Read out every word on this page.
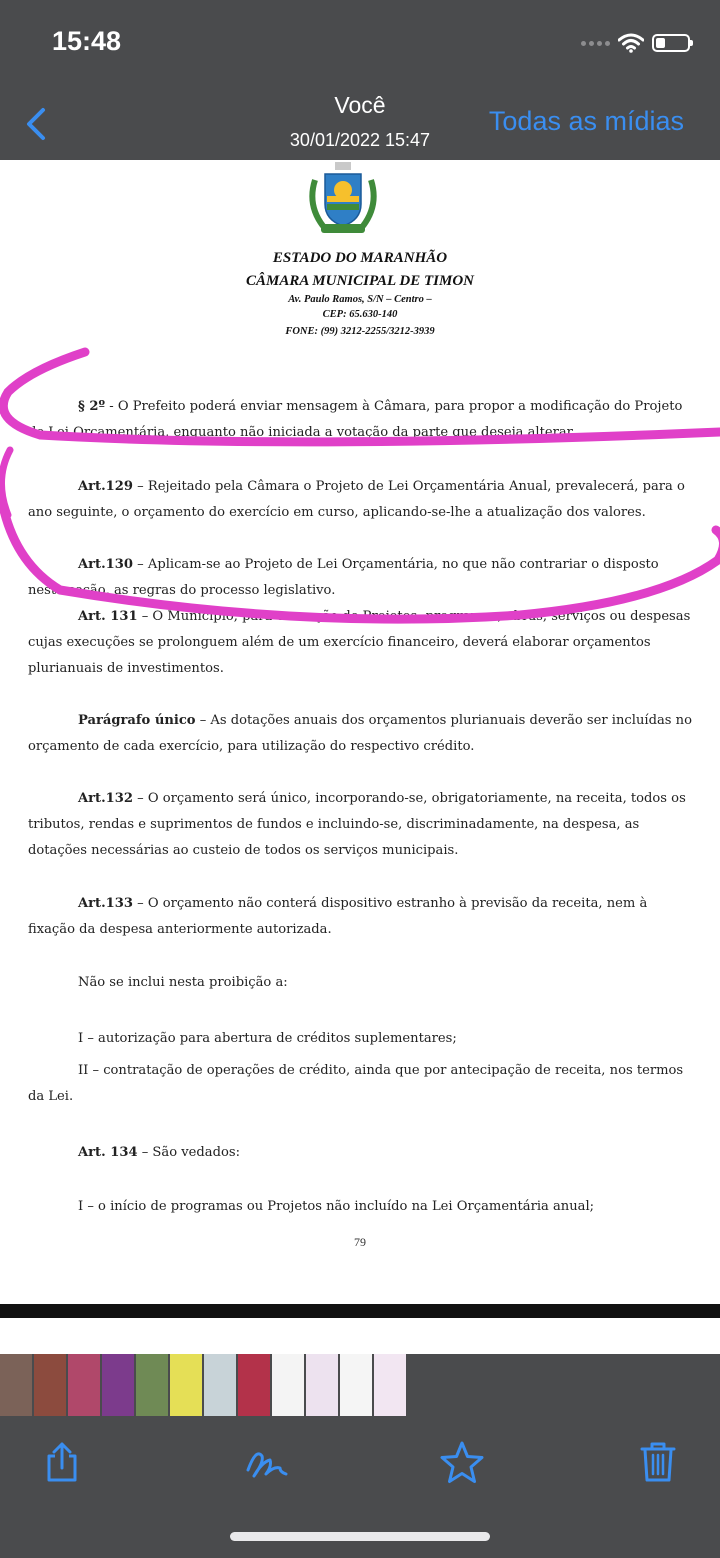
15:48
Você
30/01/2022 15:47
Todas as mídias
ESTADO DO MARANHÃO
CÂMARA MUNICIPAL DE TIMON
Av. Paulo Ramos, S/N – Centro –
CEP: 65.630-140
FONE: (99) 3212-2255/3212-3939
§ 2º - O Prefeito poderá enviar mensagem à Câmara, para propor a modificação do Projeto
de Lei Orçamentária, enquanto não iniciada a votação da parte que deseja alterar.
Art.129 – Rejeitado pela Câmara o Projeto de Lei Orçamentária Anual, prevalecerá, para o
ano seguinte, o orçamento do exercício em curso, aplicando-se-lhe a atualização dos valores.
Art.130 – Aplicam-se ao Projeto de Lei Orçamentária, no que não contrariar o disposto
nesta seção, as regras do processo legislativo.
Art. 131 – O Município, para execução de Projetos, programas, obras, serviços ou despesas
cujas execuções se prolonguem além de um exercício financeiro, deverá elaborar orçamentos
plurianuais de investimentos.
Parágrafo único – As dotações anuais dos orçamentos plurianuais deverão ser incluídas no
orçamento de cada exercício, para utilização do respectivo crédito.
Art.132 – O orçamento será único, incorporando-se, obrigatoriamente, na receita, todos os
tributos, rendas e suprimentos de fundos e incluindo-se, discriminadamente, na despesa, as
dotações necessárias ao custeio de todos os serviços municipais.
Art.133 – O orçamento não conterá dispositivo estranho à previsão da receita, nem à
fixação da despesa anteriormente autorizada.
Não se inclui nesta proibição a:
I – autorização para abertura de créditos suplementares;
II – contratação de operações de crédito, ainda que por antecipação de receita, nos termos
da Lei.
Art. 134 – São vedados:
I – o início de programas ou Projetos não incluído na Lei Orçamentária anual;
79
